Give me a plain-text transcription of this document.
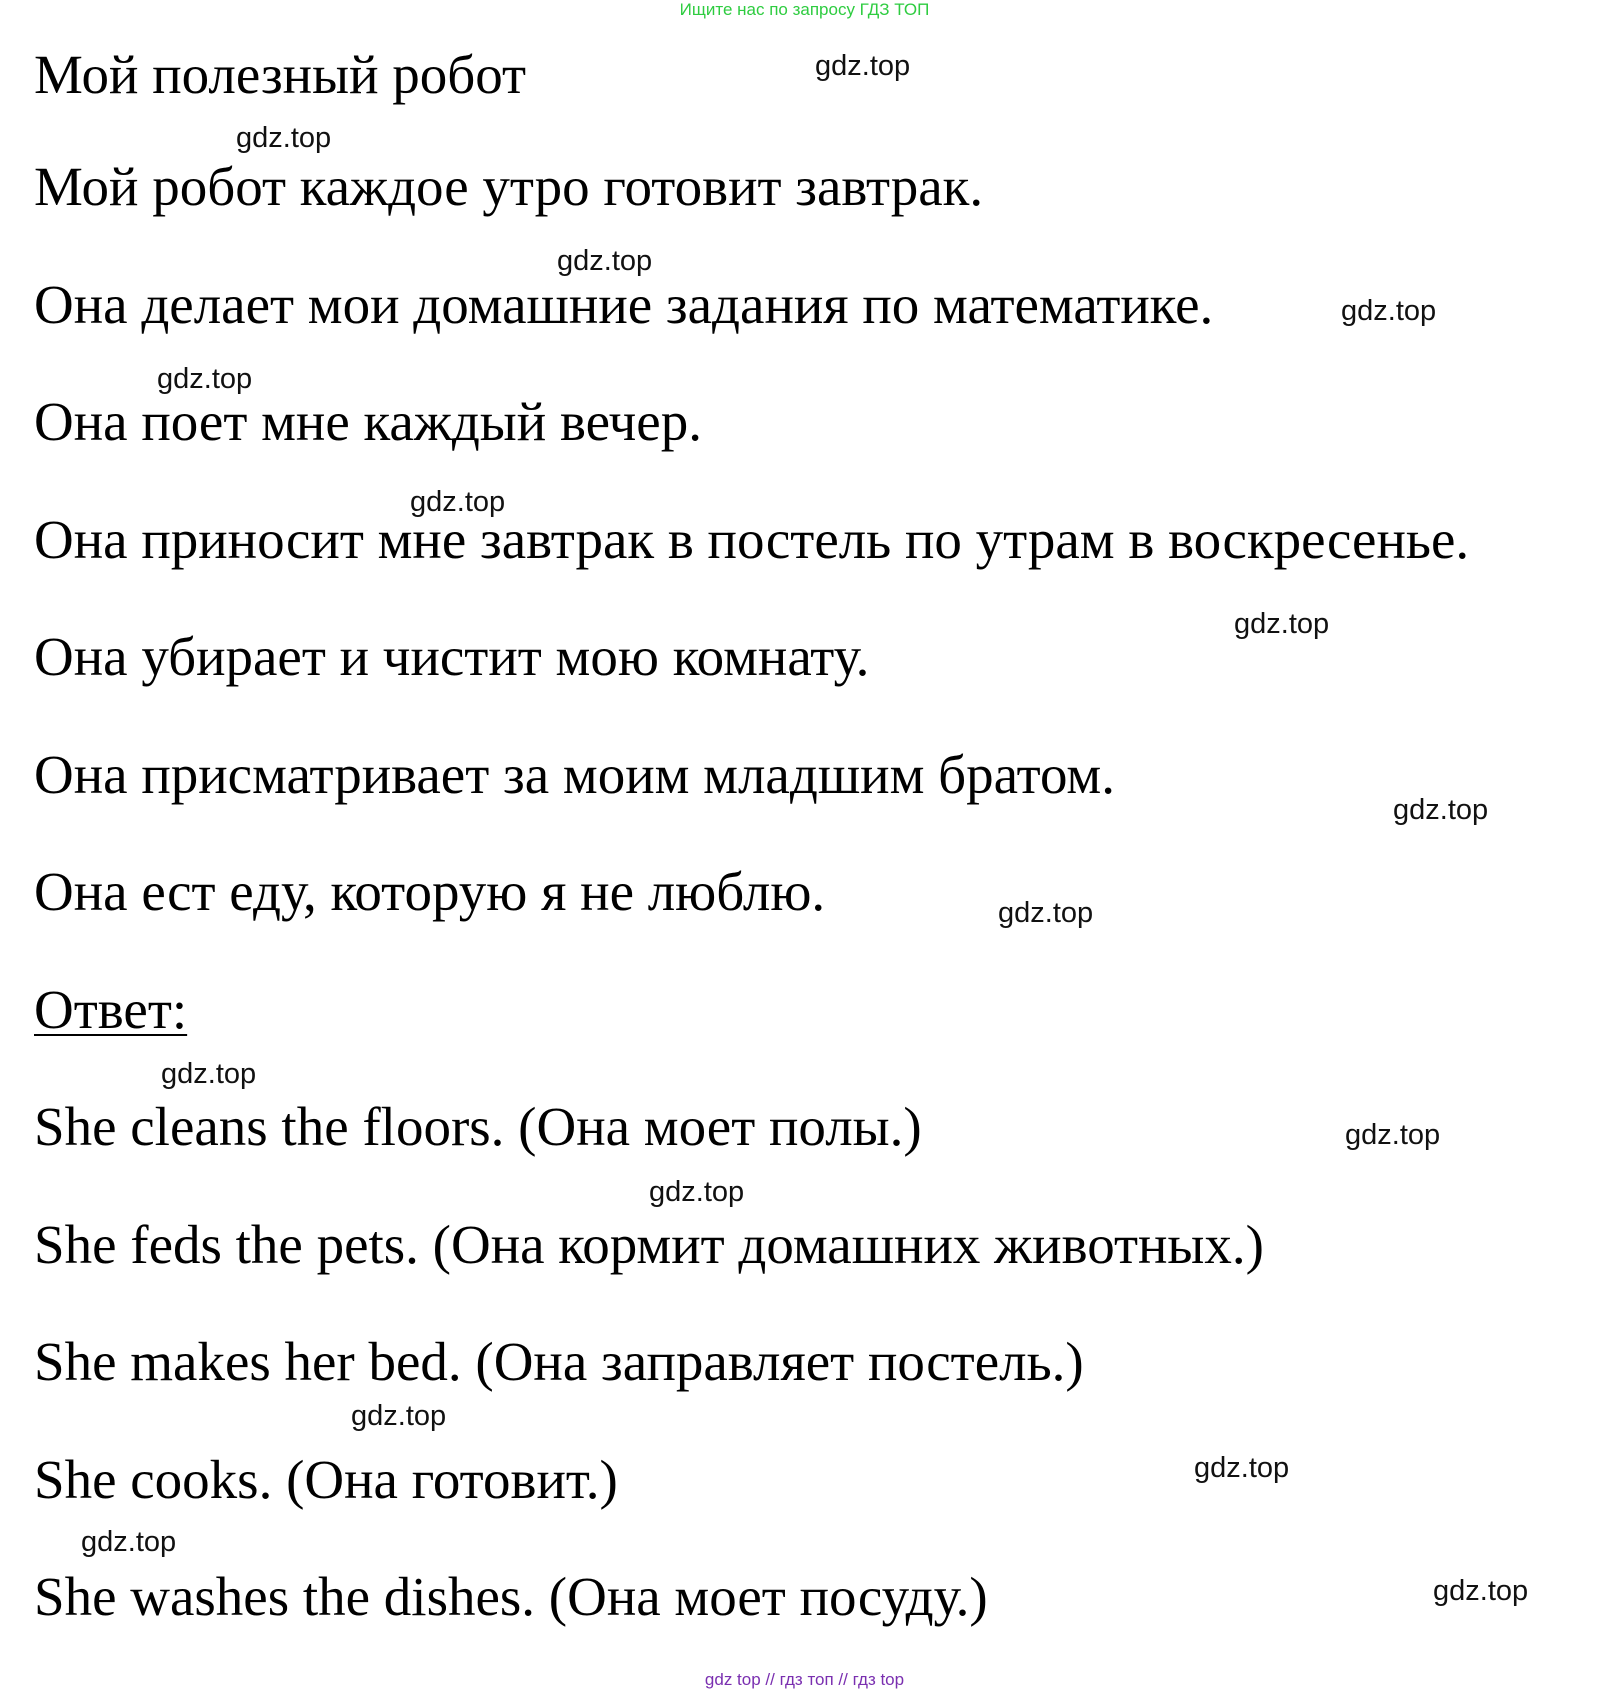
Ищите нас по запросу ГДЗ ТОП
Мой полезный робот
Мой робот каждое утро готовит завтрак.
Она делает мои домашние задания по математике.
Она поет мне каждый вечер.
Она приносит мне завтрак в постель по утрам в воскресенье.
Она убирает и чистит мою комнату.
Она присматривает за моим младшим братом.
Она ест еду, которую я не люблю.
Ответ:
She cleans the floors. (Она моет полы.)
She feds the pets. (Она кормит домашних животных.)
She makes her bed. (Она заправляет постель.)
She cooks. (Она готовит.)
She washes the dishes. (Она моет посуду.)
gdz.top
gdz.top
gdz.top
gdz.top
gdz.top
gdz.top
gdz.top
gdz.top
gdz.top
gdz.top
gdz.top
gdz.top
gdz.top
gdz.top
gdz.top
gdz.top
gdz top // гдз топ // гдз top
